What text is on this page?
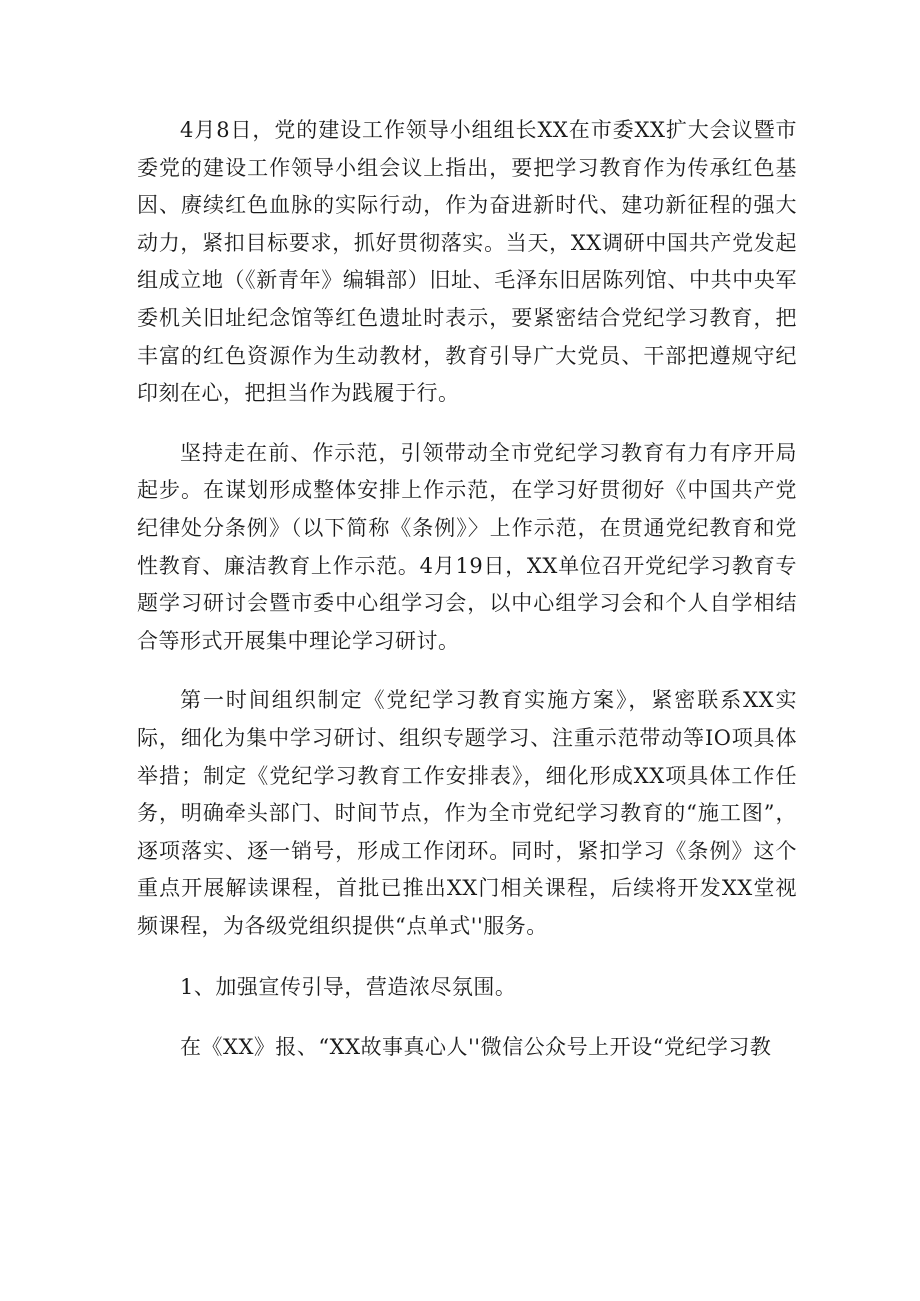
4月8日，党的建设工作领导小组组长XX在市委XX扩大会议暨市委党的建设工作领导小组会议上指出，要把学习教育作为传承红色基因、赓续红色血脉的实际行动，作为奋进新时代、建功新征程的强大动力，紧扣目标要求，抓好贯彻落实。当天，XX调研中国共产党发起组成立地（《新青年》编辑部）旧址、毛泽东旧居陈列馆、中共中央军委机关旧址纪念馆等红色遗址时表示，要紧密结合党纪学习教育，把丰富的红色资源作为生动教材，教育引导广大党员、干部把遵规守纪印刻在心，把担当作为践履于行。

坚持走在前、作示范，引领带动全市党纪学习教育有力有序开局起步。在谋划形成整体安排上作示范，在学习好贯彻好《中国共产党纪律处分条例》（以下简称《条例》〉上作示范，在贯通党纪教育和党性教育、廉洁教育上作示范。4月19日，XX单位召开党纪学习教育专题学习研讨会暨市委中心组学习会，以中心组学习会和个人自学相结合等形式开展集中理论学习研讨。

第一时间组织制定《党纪学习教育实施方案》，紧密联系XX实际，细化为集中学习研讨、组织专题学习、注重示范带动等IO项具体举措；制定《党纪学习教育工作安排表》，细化形成XX项具体工作任务，明确牵头部门、时间节点，作为全市党纪学习教育的“施工图”，逐项落实、逐一销号，形成工作闭环。同时，紧扣学习《条例》这个重点开展解读课程，首批已推出XX门相关课程，后续将开发XX堂视频课程，为各级党组织提供“点单式''服务。

1、加强宣传引导，营造浓尽氛围。

在《XX》报、“XX故事真心人''微信公众号上开设“党纪学习教
